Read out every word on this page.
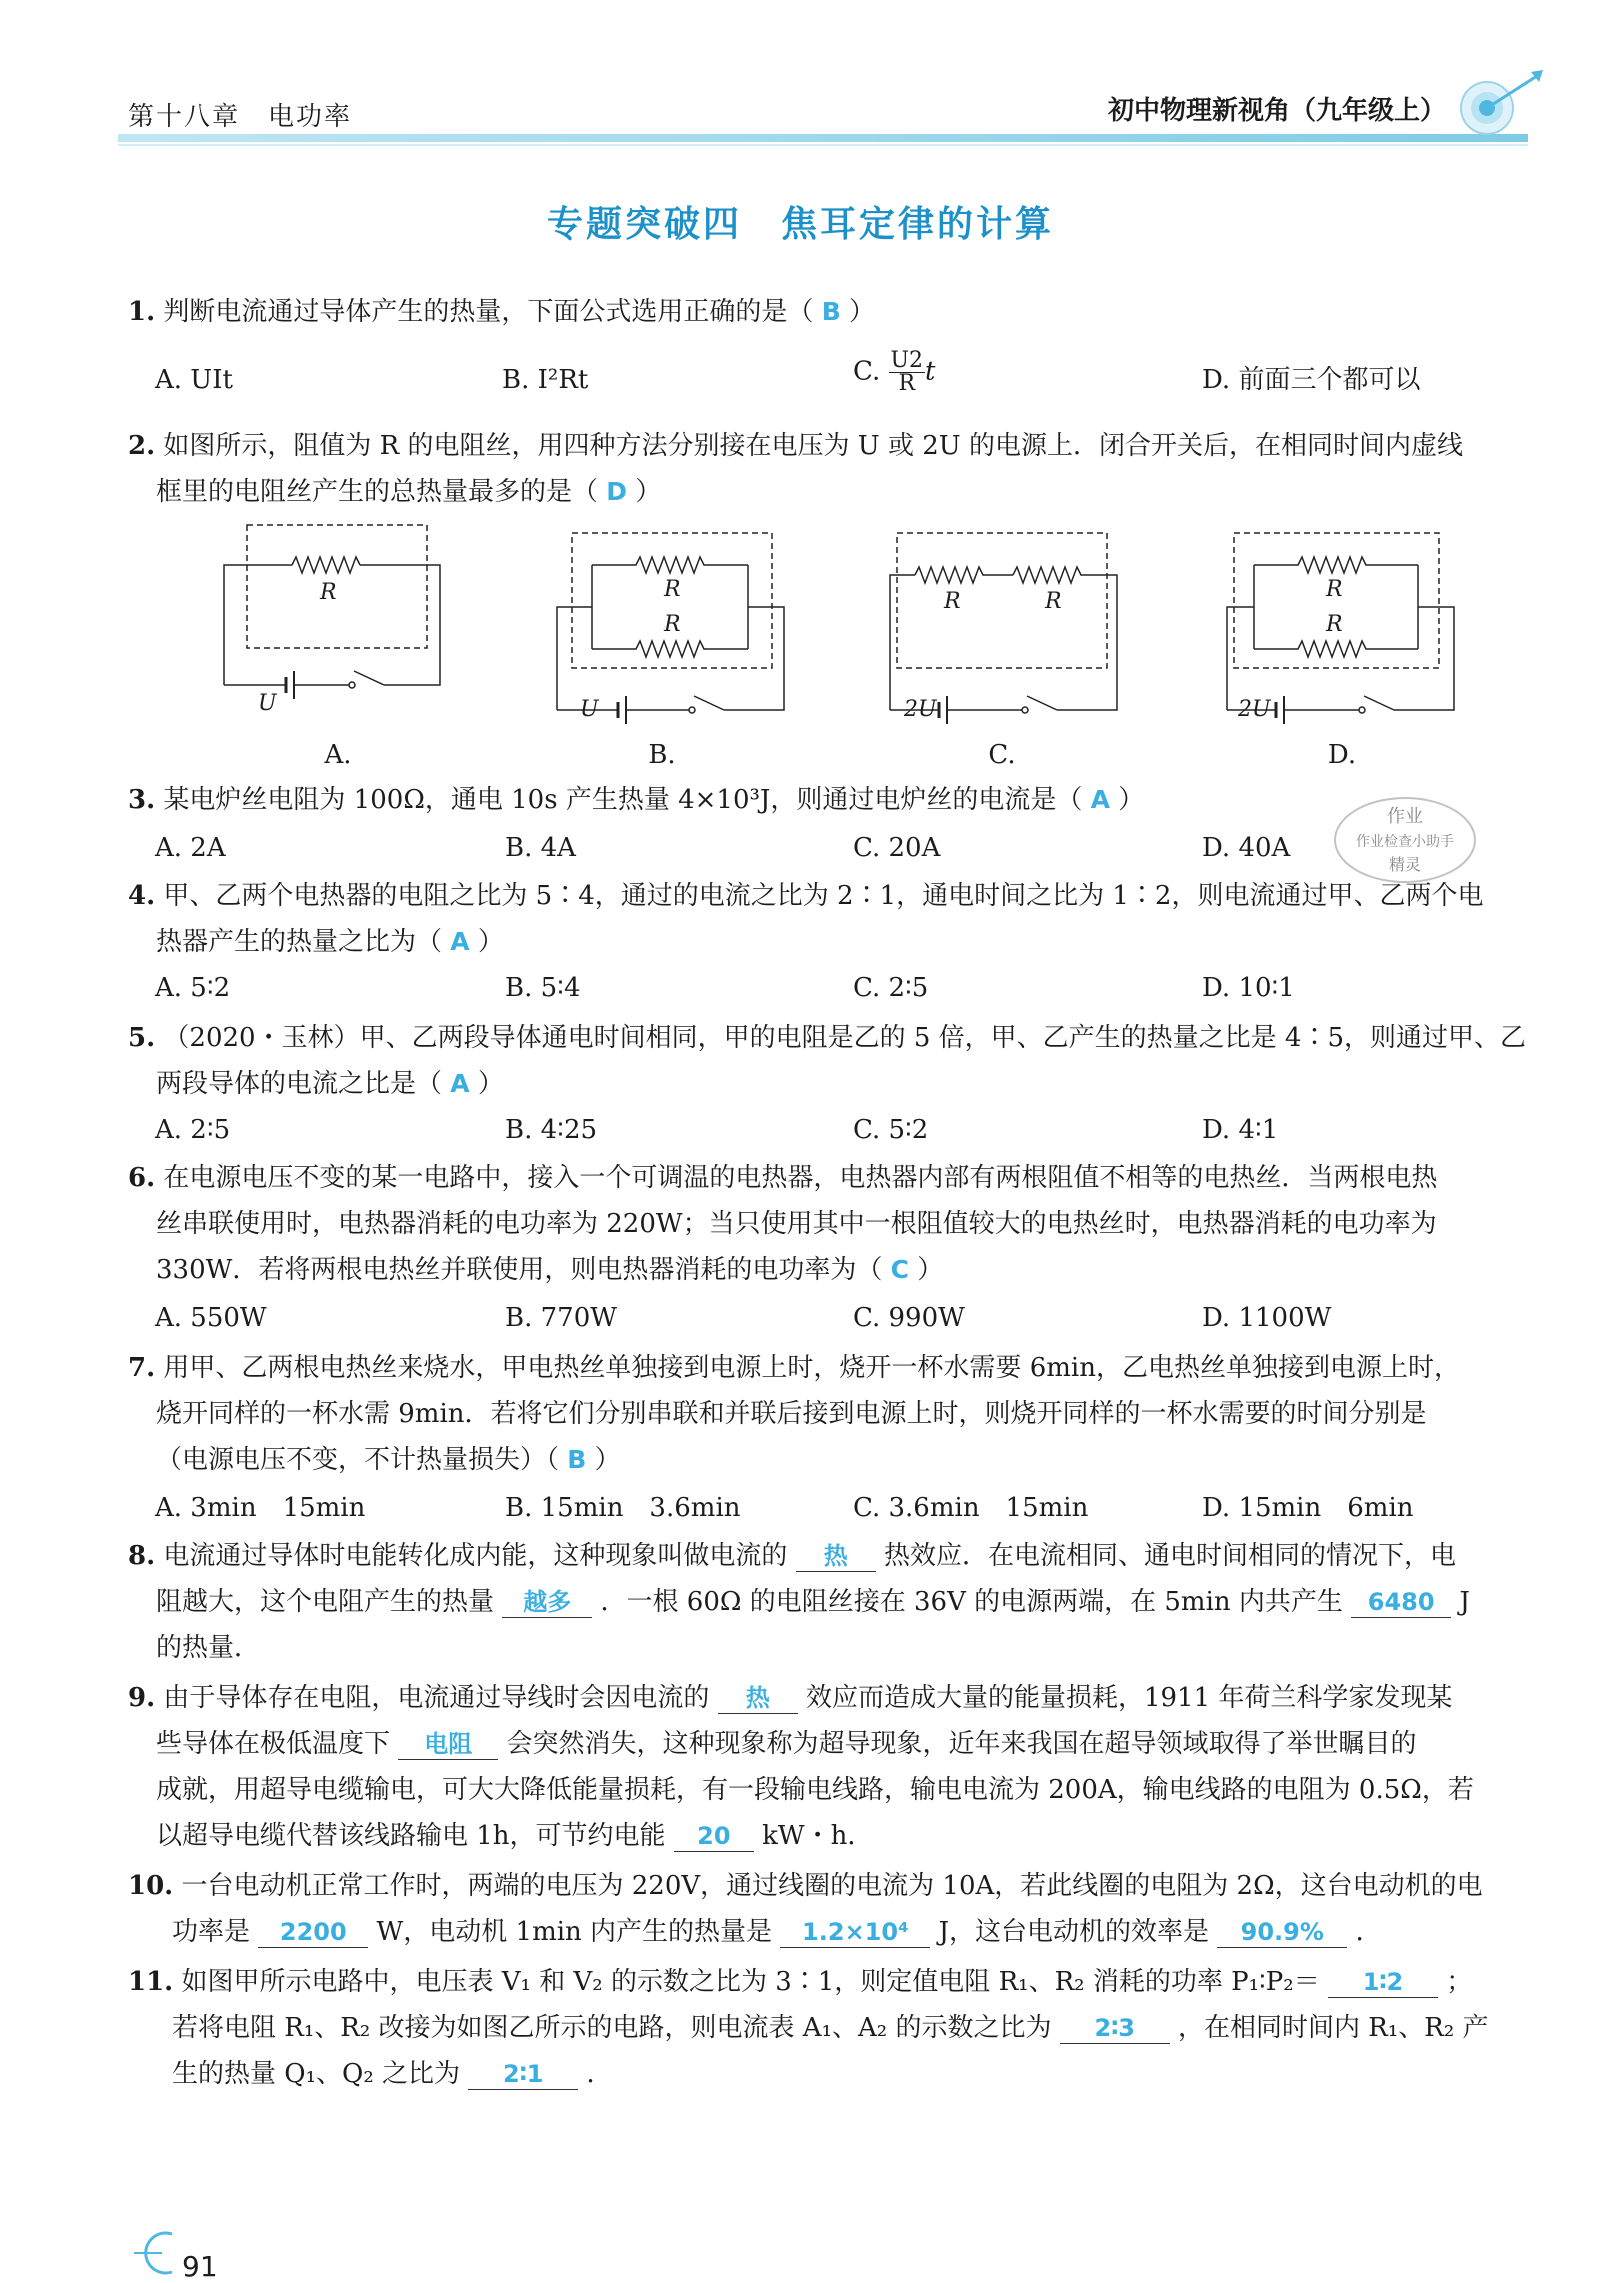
第十八章　电功率	初中物理新视角（九年级上）
专题突破四　焦耳定律的计算
1. 判断电流通过导体产生的热量，下面公式选用正确的是（ B ）
A. UIt	B. I²Rt	C. $\frac{U2}{R}$ t	D. 前面三个都可以
2. 如图所示，阻值为 R 的电阻丝，用四种方法分别接在电压为 U 或 2U 的电源上．闭合开关后，在相同时间内虚线
框里的电阻丝产生的总热量最多的是（ D ）
R
U
A.
R
R
U
B.
R	R
2U
C.
R
R
2U
D.
3. 某电炉丝电阻为 100Ω，通电 10s 产生热量 4×10³J，则通过电炉丝的电流是（ A ）
A. 2A	B. 4A	C. 20A	D. 40A
作业
作业检查小助手
精灵
4. 甲、乙两个电热器的电阻之比为 5∶4，通过的电流之比为 2∶1，通电时间之比为 1∶2，则电流通过甲、乙两个电
热器产生的热量之比为（ A ）
A. 5∶2	B. 5∶4	C. 2∶5	D. 10∶1
5. （2020・玉林）甲、乙两段导体通电时间相同，甲的电阻是乙的 5 倍，甲、乙产生的热量之比是 4∶5，则通过甲、乙
两段导体的电流之比是（ A ）
A. 2∶5	B. 4∶25	C. 5∶2	D. 4∶1
6. 在电源电压不变的某一电路中，接入一个可调温的电热器，电热器内部有两根阻值不相等的电热丝．当两根电热
丝串联使用时，电热器消耗的电功率为 220W；当只使用其中一根阻值较大的电热丝时，电热器消耗的电功率为
330W．若将两根电热丝并联使用，则电热器消耗的电功率为（ C ）
A. 550W	B. 770W	C. 990W	D. 1100W
7. 用甲、乙两根电热丝来烧水，甲电热丝单独接到电源上时，烧开一杯水需要 6min，乙电热丝单独接到电源上时，
烧开同样的一杯水需 9min．若将它们分别串联和并联后接到电源上时，则烧开同样的一杯水需要的时间分别是
（电源电压不变，不计热量损失）（ B ）
A. 3min　15min	B. 15min　3.6min	C. 3.6min　15min	D. 15min　6min
8. 电流通过导体时电能转化成内能，这种现象叫做电流的 热 热效应．在电流相同、通电时间相同的情况下，电
阻越大，这个电阻产生的热量 越多 ．一根 60Ω 的电阻丝接在 36V 的电源两端，在 5min 内共产生 6480 J
的热量．
9. 由于导体存在电阻，电流通过导线时会因电流的 热 效应而造成大量的能量损耗，1911 年荷兰科学家发现某
些导体在极低温度下 电阻 会突然消失，这种现象称为超导现象，近年来我国在超导领域取得了举世瞩目的
成就，用超导电缆输电，可大大降低能量损耗，有一段输电线路，输电电流为 200A，输电线路的电阻为 0.5Ω，若
以超导电缆代替该线路输电 1h，可节约电能 20 kW・h．
10. 一台电动机正常工作时，两端的电压为 220V，通过线圈的电流为 10A，若此线圈的电阻为 2Ω，这台电动机的电
功率是 2200 W，电动机 1min 内产生的热量是 1.2×10⁴ J，这台电动机的效率是 90.9% ．
11. 如图甲所示电路中，电压表 V₁ 和 V₂ 的示数之比为 3∶1，则定值电阻 R₁、R₂ 消耗的功率 P₁∶P₂＝ 1∶2 ；
若将电阻 R₁、R₂ 改接为如图乙所示的电路，则电流表 A₁、A₂ 的示数之比为 2∶3 ，在相同时间内 R₁、R₂ 产
生的热量 Q₁、Q₂ 之比为 2∶1 ．
91
